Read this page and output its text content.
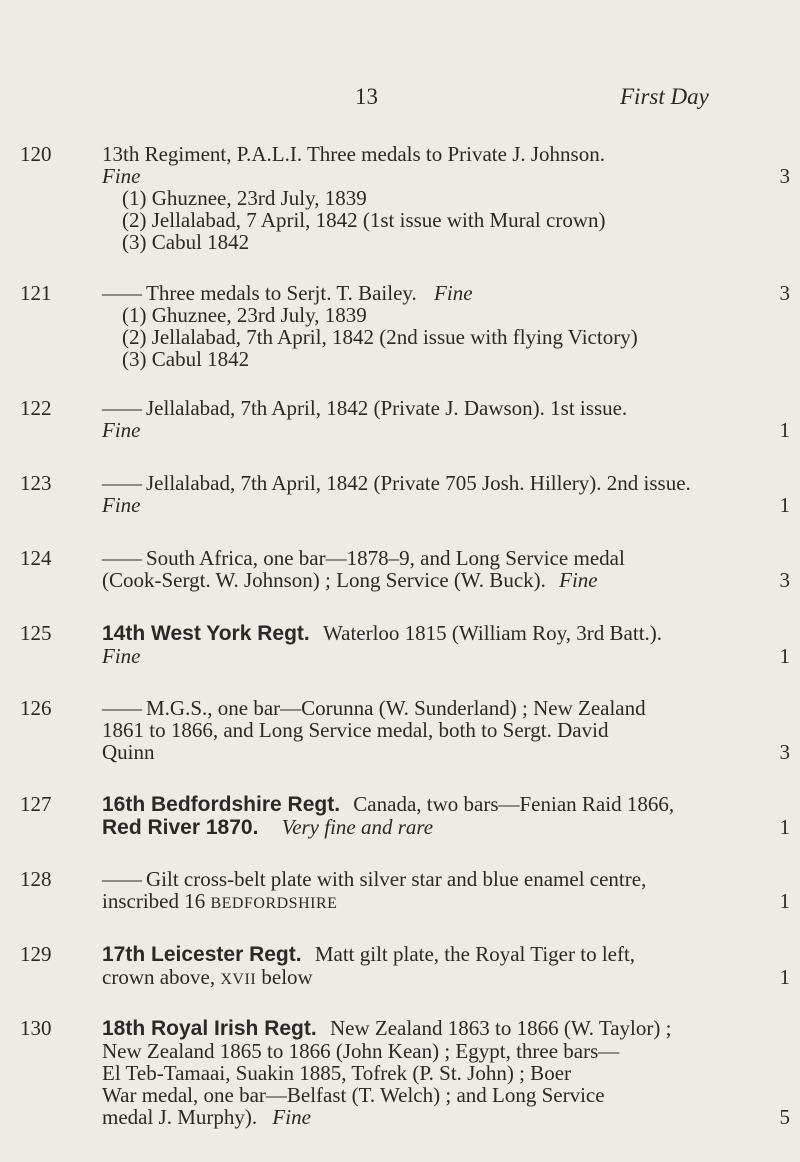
13	First Day
120	13th Regiment, P.A.L.I. Three medals to Private J. Johnson.
Fine	3
(1) Ghuznee, 23rd July, 1839
(2) Jellalabad, 7 April, 1842 (1st issue with Mural crown)
(3) Cabul 1842
121	—— Three medals to Serjt. T. Bailey. Fine	3
(1) Ghuznee, 23rd July, 1839
(2) Jellalabad, 7th April, 1842 (2nd issue with flying Victory)
(3) Cabul 1842
122	—— Jellalabad, 7th April, 1842 (Private J. Dawson). 1st issue.
Fine	1
123	—— Jellalabad, 7th April, 1842 (Private 705 Josh. Hillery). 2nd issue.
Fine	1
124	—— South Africa, one bar—1878–9, and Long Service medal
(Cook-Sergt. W. Johnson) ; Long Service (W. Buck). Fine	3
125	14th West York Regt. Waterloo 1815 (William Roy, 3rd Batt.).
Fine	1
126	—— M.G.S., one bar—Corunna (W. Sunderland) ; New Zealand
1861 to 1866, and Long Service medal, both to Sergt. David
Quinn	3
127	16th Bedfordshire Regt. Canada, two bars—Fenian Raid 1866,
Red River 1870. Very fine and rare	1
128	—— Gilt cross-belt plate with silver star and blue enamel centre,
inscribed 16 BEDFORDSHIRE	1
129	17th Leicester Regt. Matt gilt plate, the Royal Tiger to left,
crown above, XVII below	1
130	18th Royal Irish Regt. New Zealand 1863 to 1866 (W. Taylor) ;
New Zealand 1865 to 1866 (John Kean) ; Egypt, three bars—
El Teb-Tamaai, Suakin 1885, Tofrek (P. St. John) ; Boer
War medal, one bar—Belfast (T. Welch) ; and Long Service
medal J. Murphy). Fine	5
